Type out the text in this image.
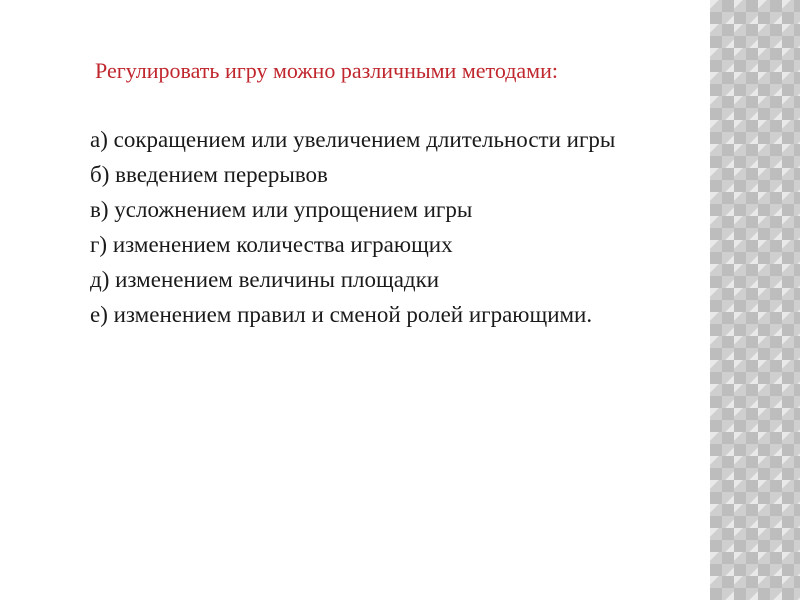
Регулировать игру можно различными методами:
а) сокращением или увеличением длительности игры
б) введением перерывов
в) усложнением или упрощением игры
г) изменением количества играющих
д) изменением величины площадки
е) изменением правил и сменой ролей играющими.
